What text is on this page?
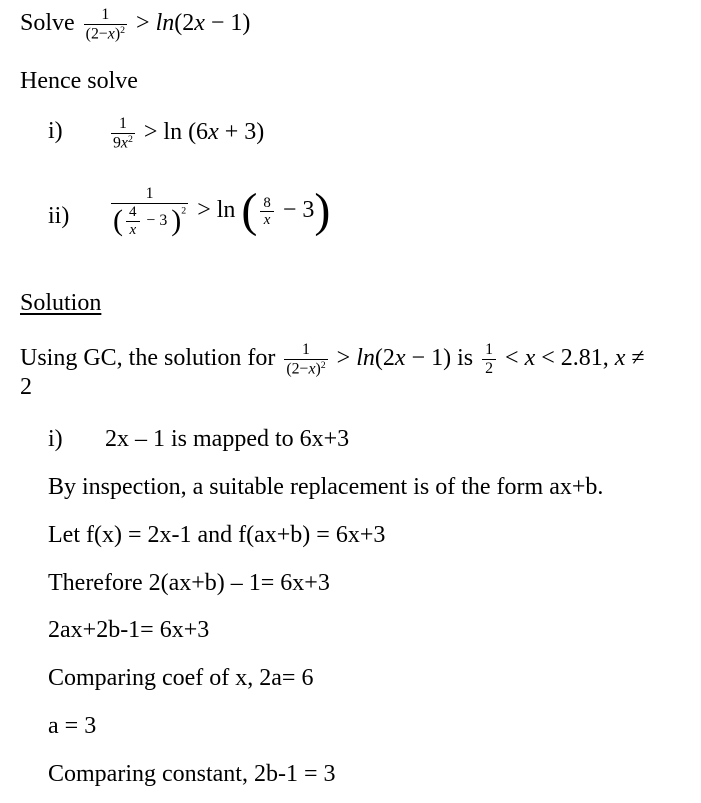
Solve $\frac{1}{(2-x)^2} > \ln(2x - 1)$
Hence solve
i)	$\frac{1}{9x^2} > \ln (6x + 3)$
ii)	$\frac{1}{( \frac{4}{x} - 3 )^2} > \ln$ ( $\frac{8}{x} - 3$)
Solution
Using GC, the solution for $\frac{1}{(2-x)^2} > \ln(2x - 1)$ is $\frac{1}{2} < x < 2.81$, x ≠
2
i) 2x – 1 is mapped to 6x+3
By inspection, a suitable replacement is of the form ax+b.
Let f(x) = 2x-1 and f(ax+b) = 6x+3
Therefore 2(ax+b) – 1= 6x+3
2ax+2b-1= 6x+3
Comparing coef of x, 2a= 6
a = 3
Comparing constant, 2b-1 = 3
